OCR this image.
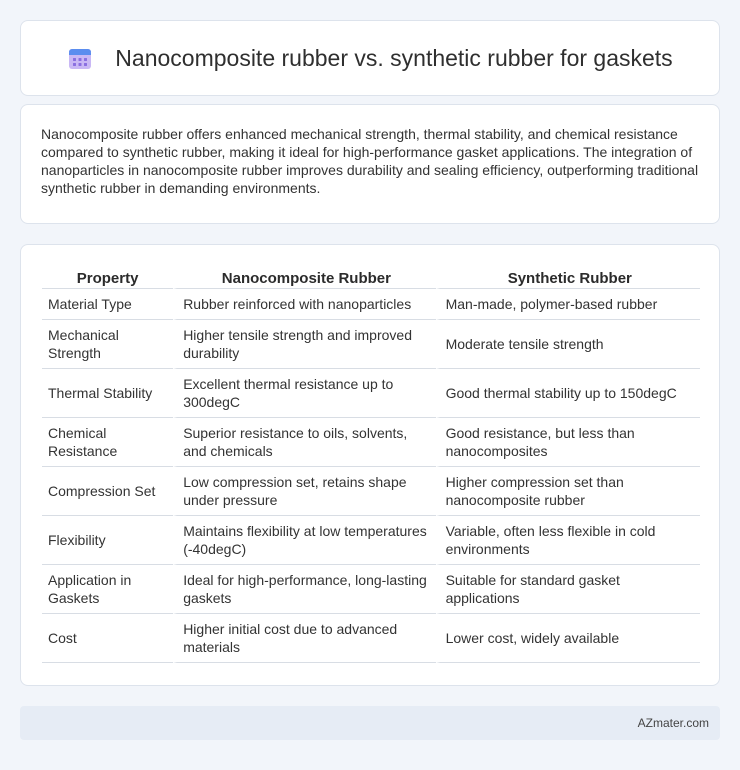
Nanocomposite rubber vs. synthetic rubber for gaskets

Nanocomposite rubber offers enhanced mechanical strength, thermal stability, and chemical resistance compared to synthetic rubber, making it ideal for high-performance gasket applications. The integration of nanoparticles in nanocomposite rubber improves durability and sealing efficiency, outperforming traditional synthetic rubber in demanding environments.

Property	Nanocomposite Rubber	Synthetic Rubber
Material Type	Rubber reinforced with nanoparticles	Man-made, polymer-based rubber
Mechanical Strength	Higher tensile strength and improved durability	Moderate tensile strength
Thermal Stability	Excellent thermal resistance up to 300degC	Good thermal stability up to 150degC
Chemical Resistance	Superior resistance to oils, solvents, and chemicals	Good resistance, but less than nanocomposites
Compression Set	Low compression set, retains shape under pressure	Higher compression set than nanocomposite rubber
Flexibility	Maintains flexibility at low temperatures (-40degC)	Variable, often less flexible in cold environments
Application in Gaskets	Ideal for high-performance, long-lasting gaskets	Suitable for standard gasket applications
Cost	Higher initial cost due to advanced materials	Lower cost, widely available
AZmater.com
